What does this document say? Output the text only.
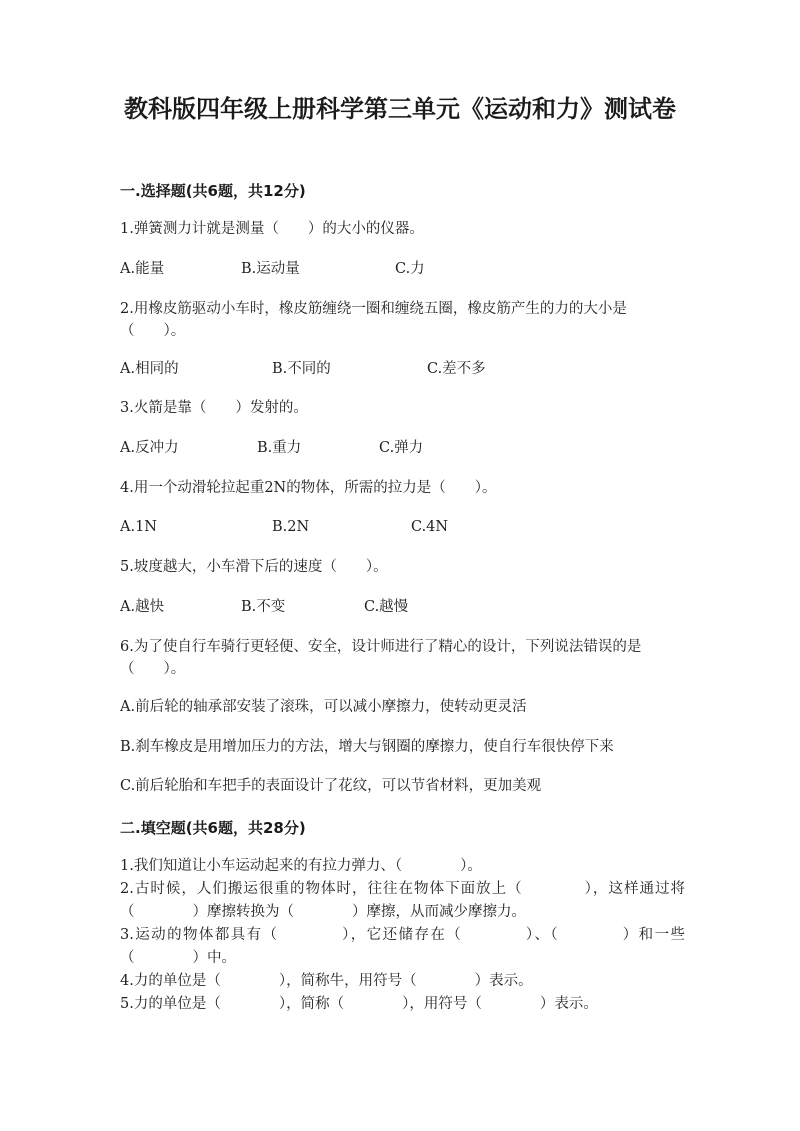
教科版四年级上册科学第三单元《运动和力》测试卷
一.选择题(共6题，共12分)
1.弹簧测力计就是测量（　　）的大小的仪器。
A.能量	B.运动量	C.力
2.用橡皮筋驱动小车时，橡皮筋缠绕一圈和缠绕五圈，橡皮筋产生的力的大小是（　　）。
A.相同的	B.不同的	C.差不多
3.火箭是靠（　　）发射的。
A.反冲力	B.重力	C.弹力
4.用一个动滑轮拉起重2N的物体，所需的拉力是（　　）。
A.1N	B.2N	C.4N
5.坡度越大，小车滑下后的速度（　　）。
A.越快	B.不变	C.越慢
6.为了使自行车骑行更轻便、安全，设计师进行了精心的设计，下列说法错误的是（　　）。
A.前后轮的轴承部安装了滚珠，可以减小摩擦力，使转动更灵活
B.刹车橡皮是用增加压力的方法，增大与钢圈的摩擦力，使自行车很快停下来
C.前后轮胎和车把手的表面设计了花纹，可以节省材料，更加美观
二.填空题(共6题，共28分)
1.我们知道让小车运动起来的有拉力弹力、（　　　　）。
2.古时候，人们搬运很重的物体时，往往在物体下面放上（　　　　），这样通过将（　　　　）摩擦转换为（　　　　）摩擦，从而减少摩擦力。
3.运动的物体都具有（　　　　），它还储存在（　　　　）、（　　　　）和一些（　　　　）中。
4.力的单位是（　　　　），简称牛，用符号（　　　　）表示。
5.力的单位是（　　　　），简称（　　　　），用符号（　　　　）表示。
